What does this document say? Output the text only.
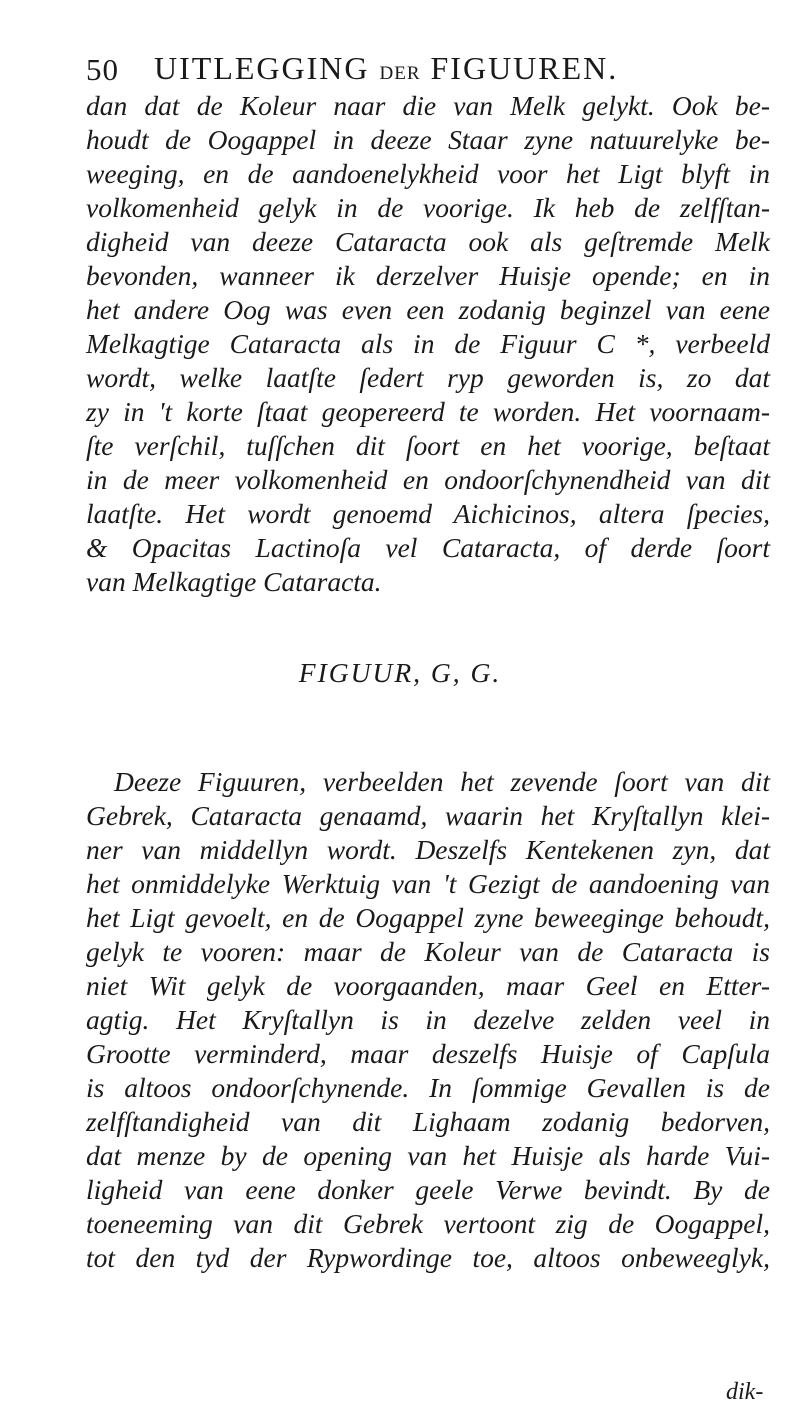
50 UITLEGGING DER FIGUUREN.
dan dat de Koleur naar die van Melk gelykt. Ook be-
houdt de Oogappel in deeze Staar zyne natuurelyke be-
weeging, en de aandoenelykheid voor het Ligt blyft in
volkomenheid gelyk in de voorige. Ik heb de zelfſtan-
digheid van deeze Cataracta ook als geſtremde Melk
bevonden, wanneer ik derzelver Huisje opende; en in
het andere Oog was even een zodanig beginzel van eene
Melkagtige Cataracta als in de Figuur C *, verbeeld
wordt, welke laatſte ſedert ryp geworden is, zo dat
zy in 't korte ſtaat geopereerd te worden. Het voornaam-
ſte verſchil, tuſſchen dit ſoort en het voorige, beſtaat
in de meer volkomenheid en ondoorſchynendheid van dit
laatſte. Het wordt genoemd Aichicinos, altera ſpecies,
& Opacitas Lactinoſa vel Cataracta, of derde ſoort
van Melkagtige Cataracta.
FIGUUR, G, G.
Deeze Figuuren, verbeelden het zevende ſoort van dit
Gebrek, Cataracta genaamd, waarin het Kryſtallyn klei-
ner van middellyn wordt. Deszelfs Kentekenen zyn, dat
het onmiddelyke Werktuig van 't Gezigt de aandoening van
het Ligt gevoelt, en de Oogappel zyne beweeginge behoudt,
gelyk te vooren: maar de Koleur van de Cataracta is
niet Wit gelyk de voorgaanden, maar Geel en Etter-
agtig. Het Kryſtallyn is in dezelve zelden veel in
Grootte verminderd, maar deszelfs Huisje of Capſula
is altoos ondoorſchynende. In ſommige Gevallen is de
zelfſtandigheid van dit Lighaam zodanig bedorven,
dat menze by de opening van het Huisje als harde Vui-
ligheid van eene donker geele Verwe bevindt. By de
toeneeming van dit Gebrek vertoont zig de Oogappel,
tot den tyd der Rypwordinge toe, altoos onbeweeglyk,
dik-
